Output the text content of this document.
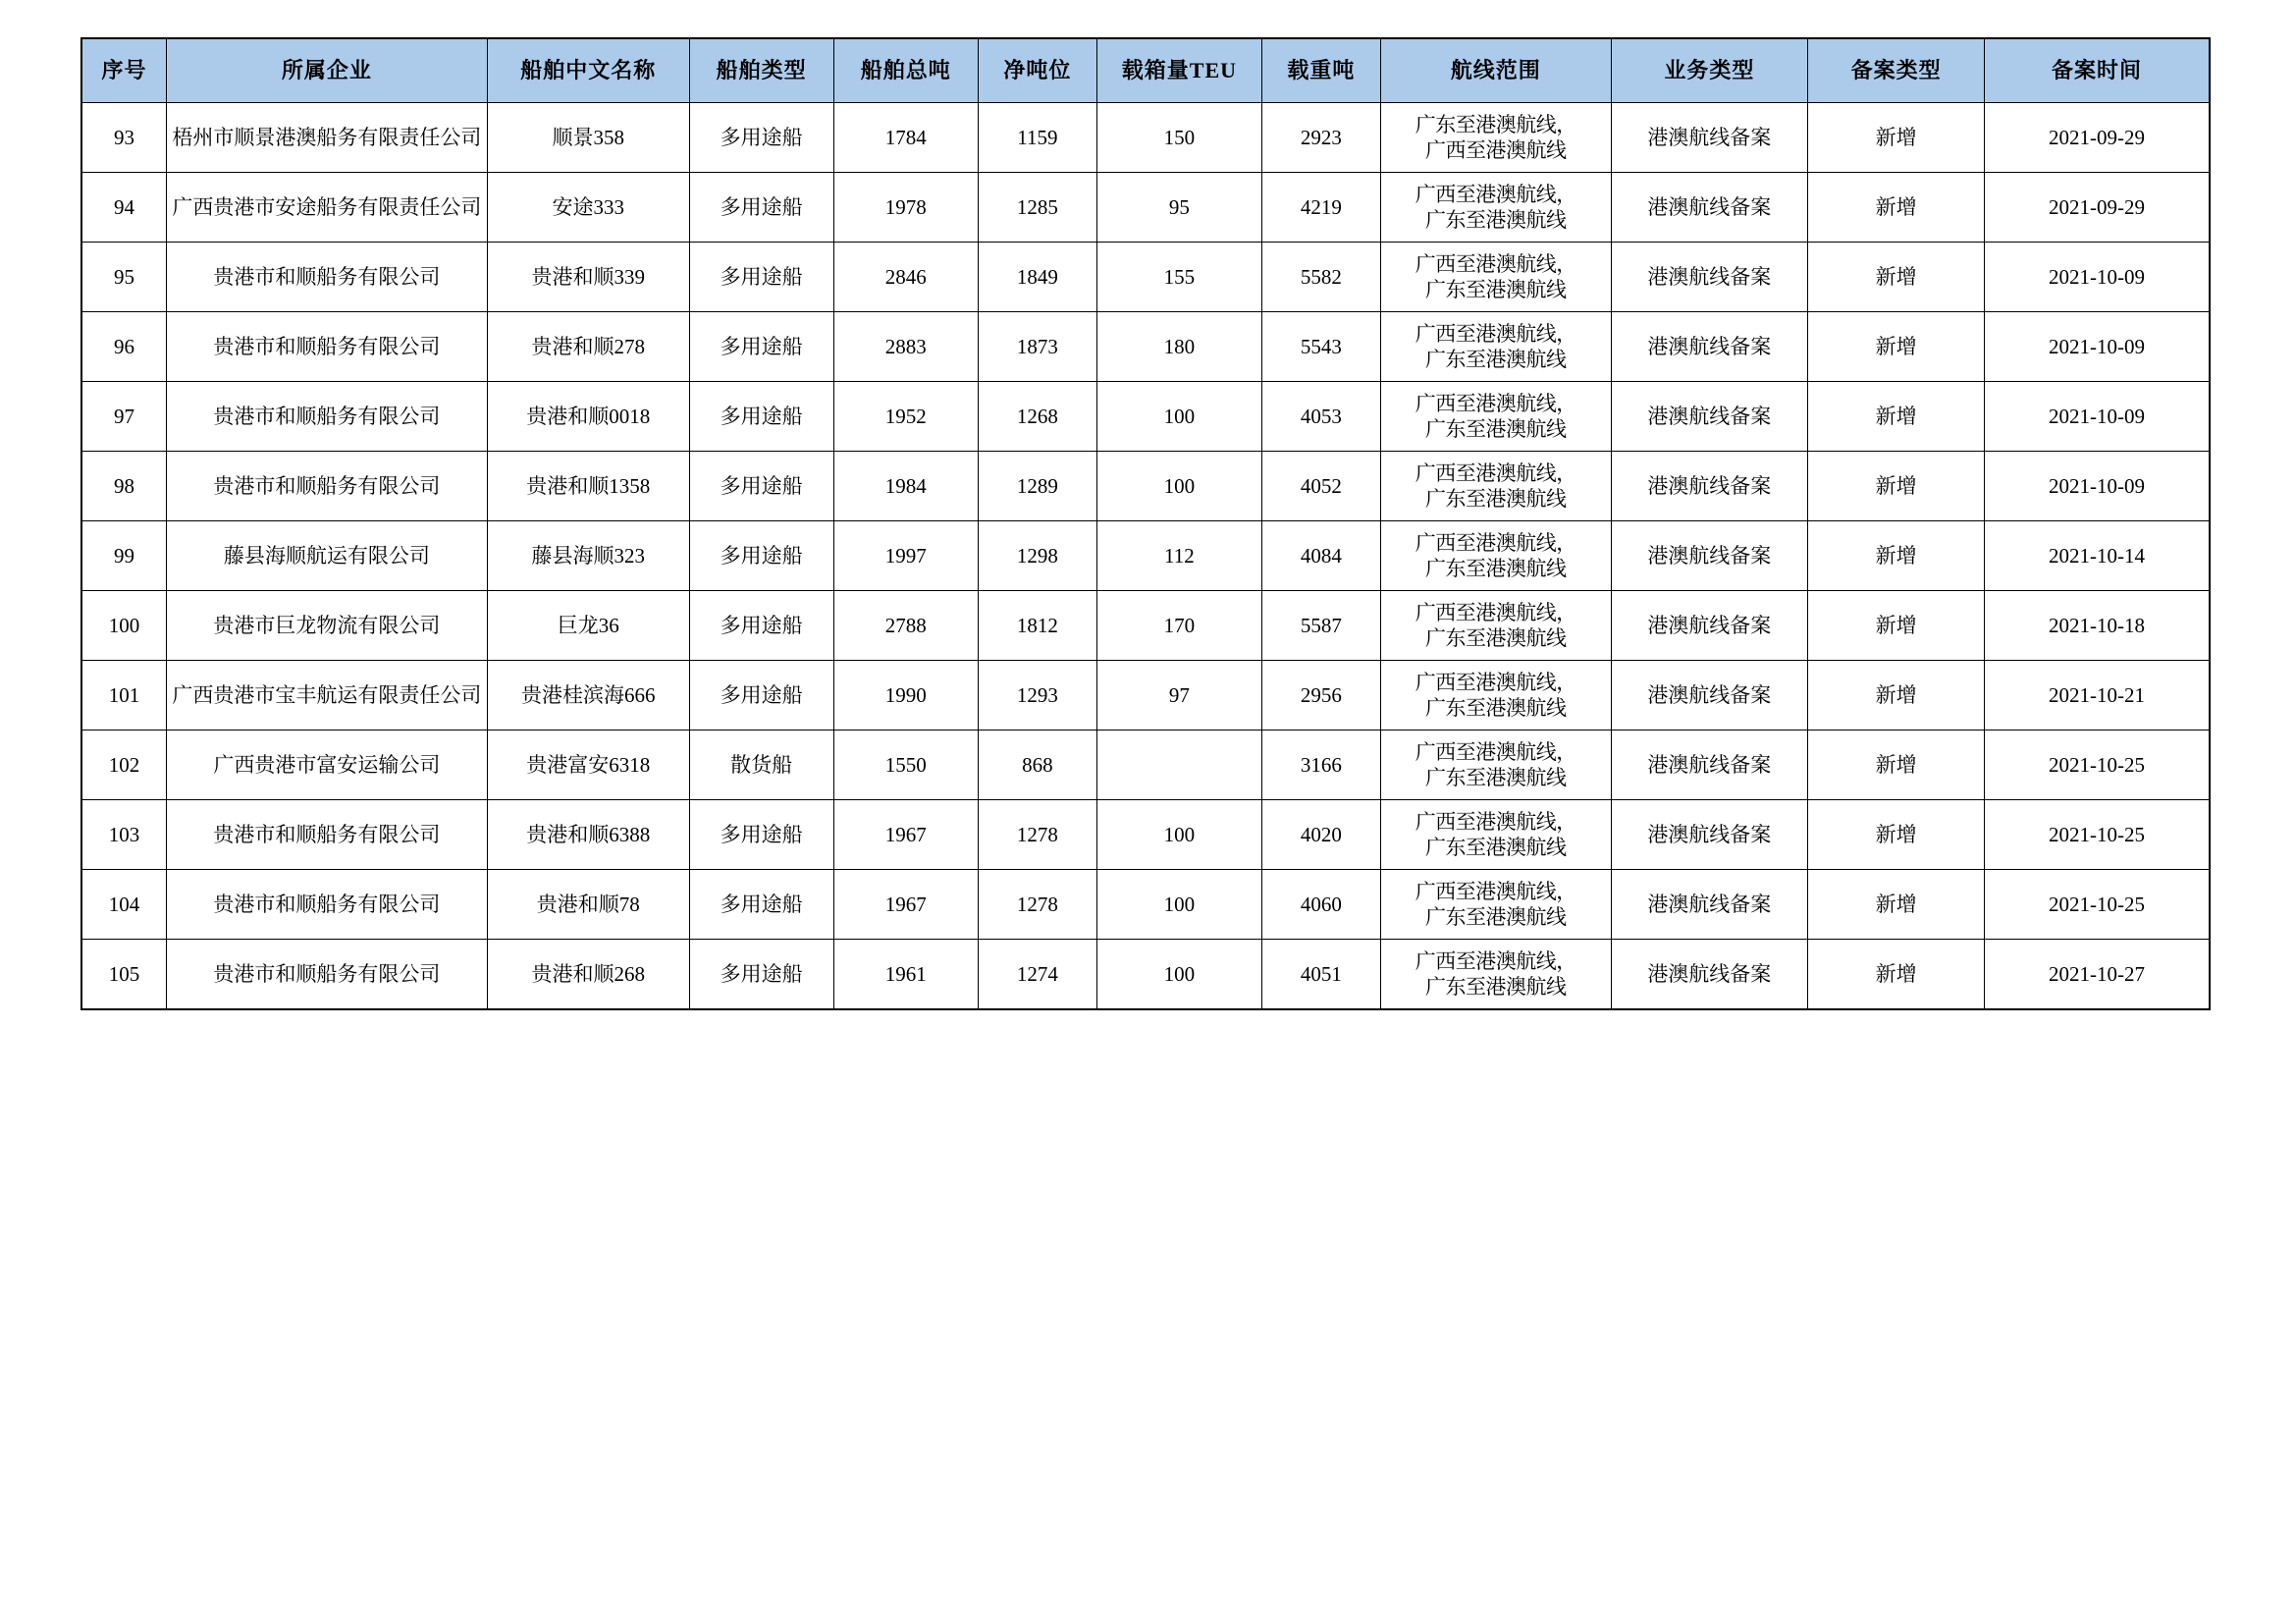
序号	所属企业	船舶中文名称	船舶类型	船舶总吨	净吨位	载箱量TEU	载重吨	航线范围	业务类型	备案类型	备案时间
93	梧州市顺景港澳船务有限责任公司	顺景358	多用途船	1784	1159	150	2923	广东至港澳航线，
广西至港澳航线	港澳航线备案	新增	2021-09-29
94	广西贵港市安途船务有限责任公司	安途333	多用途船	1978	1285	95	4219	广西至港澳航线，
广东至港澳航线	港澳航线备案	新增	2021-09-29
95	贵港市和顺船务有限公司	贵港和顺339	多用途船	2846	1849	155	5582	广西至港澳航线，
广东至港澳航线	港澳航线备案	新增	2021-10-09
96	贵港市和顺船务有限公司	贵港和顺278	多用途船	2883	1873	180	5543	广西至港澳航线，
广东至港澳航线	港澳航线备案	新增	2021-10-09
97	贵港市和顺船务有限公司	贵港和顺0018	多用途船	1952	1268	100	4053	广西至港澳航线，
广东至港澳航线	港澳航线备案	新增	2021-10-09
98	贵港市和顺船务有限公司	贵港和顺1358	多用途船	1984	1289	100	4052	广西至港澳航线，
广东至港澳航线	港澳航线备案	新增	2021-10-09
99	藤县海顺航运有限公司	藤县海顺323	多用途船	1997	1298	112	4084	广西至港澳航线，
广东至港澳航线	港澳航线备案	新增	2021-10-14
100	贵港市巨龙物流有限公司	巨龙36	多用途船	2788	1812	170	5587	广西至港澳航线，
广东至港澳航线	港澳航线备案	新增	2021-10-18
101	广西贵港市宝丰航运有限责任公司	贵港桂滨海666	多用途船	1990	1293	97	2956	广西至港澳航线，
广东至港澳航线	港澳航线备案	新增	2021-10-21
102	广西贵港市富安运输公司	贵港富安6318	散货船	1550	868		3166	广西至港澳航线，
广东至港澳航线	港澳航线备案	新增	2021-10-25
103	贵港市和顺船务有限公司	贵港和顺6388	多用途船	1967	1278	100	4020	广西至港澳航线，
广东至港澳航线	港澳航线备案	新增	2021-10-25
104	贵港市和顺船务有限公司	贵港和顺78	多用途船	1967	1278	100	4060	广西至港澳航线，
广东至港澳航线	港澳航线备案	新增	2021-10-25
105	贵港市和顺船务有限公司	贵港和顺268	多用途船	1961	1274	100	4051	广西至港澳航线，
广东至港澳航线	港澳航线备案	新增	2021-10-27
